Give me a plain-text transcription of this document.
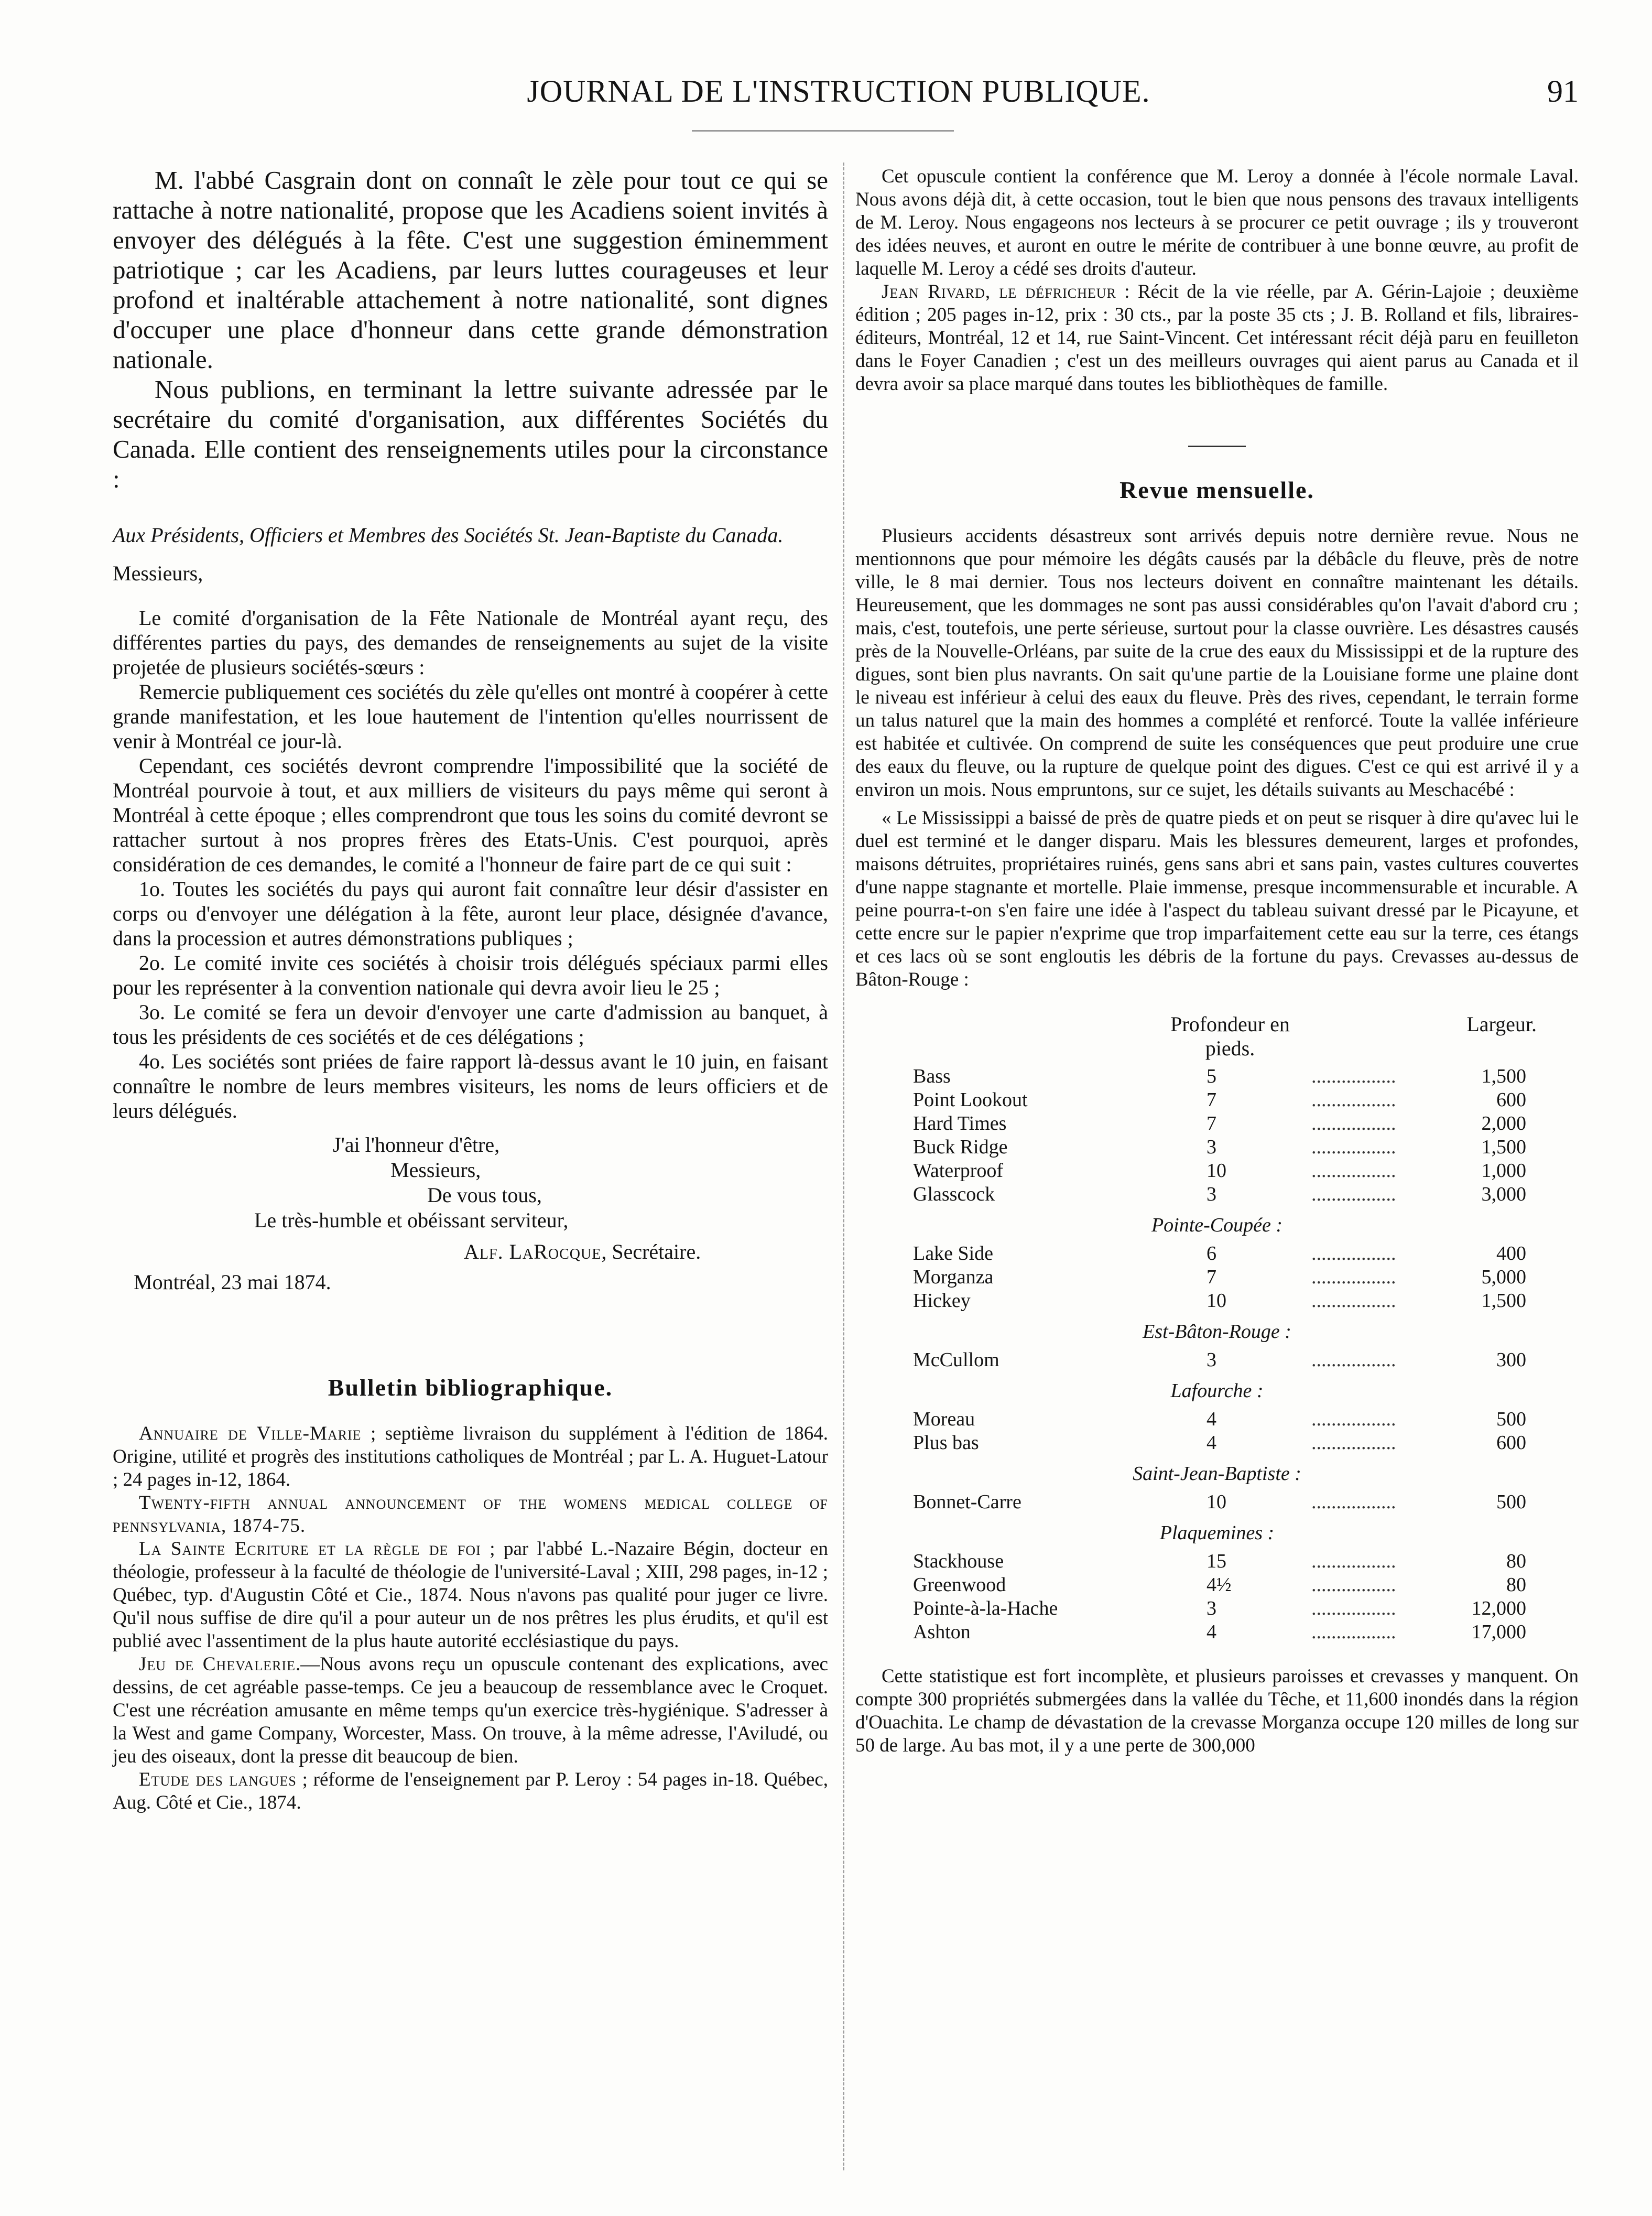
JOURNAL DE L'INSTRUCTION PUBLIQUE.	91

M. l'abbé Casgrain dont on connaît le zèle pour tout ce qui se rattache à notre nationalité, propose que les Acadiens soient invités à envoyer des délégués à la fête. C'est une suggestion éminemment patriotique ; car les Acadiens, par leurs luttes courageuses et leur profond et inaltérable attachement à notre nationalité, sont dignes d'occuper une place d'honneur dans cette grande démonstration nationale.

Nous publions, en terminant la lettre suivante adressée par le secrétaire du comité d'organisation, aux différentes Sociétés du Canada. Elle contient des renseignements utiles pour la circonstance :

Aux Présidents, Officiers et Membres des Sociétés St. Jean-Baptiste du Canada.

Messieurs,

Le comité d'organisation de la Fête Nationale de Montréal ayant reçu, des différentes parties du pays, des demandes de renseignements au sujet de la visite projetée de plusieurs sociétés-sœurs :

Remercie publiquement ces sociétés du zèle qu'elles ont montré à coopérer à cette grande manifestation, et les loue hautement de l'intention qu'elles nourrissent de venir à Montréal ce jour-là.

Cependant, ces sociétés devront comprendre l'impossibilité que la société de Montréal pourvoie à tout, et aux milliers de visiteurs du pays même qui seront à Montréal à cette époque ; elles comprendront que tous les soins du comité devront se rattacher surtout à nos propres frères des Etats-Unis. C'est pourquoi, après considération de ces demandes, le comité a l'honneur de faire part de ce qui suit :

1o. Toutes les sociétés du pays qui auront fait connaître leur désir d'assister en corps ou d'envoyer une délégation à la fête, auront leur place, désignée d'avance, dans la procession et autres démonstrations publiques ;

2o. Le comité invite ces sociétés à choisir trois délégués spéciaux parmi elles pour les représenter à la convention nationale qui devra avoir lieu le 25 ;

3o. Le comité se fera un devoir d'envoyer une carte d'admission au banquet, à tous les présidents de ces sociétés et de ces délégations ;

4o. Les sociétés sont priées de faire rapport là-dessus avant le 10 juin, en faisant connaître le nombre de leurs membres visiteurs, les noms de leurs officiers et de leurs délégués.

J'ai l'honneur d'être,

Messieurs,

De vous tous,

Le très-humble et obéissant serviteur,

Alf. LaRocque, Secrétaire.

Montréal, 23 mai 1874.

Bulletin bibliographique.

Annuaire de Ville-Marie ; septième livraison du supplément à l'édition de 1864. Origine, utilité et progrès des institutions catholiques de Montréal ; par L. A. Huguet-Latour ; 24 pages in-12, 1864.

Twenty-fifth annual announcement of the womens medical college of pennsylvania, 1874-75.

La Sainte Ecriture et la règle de foi ; par l'abbé L.-Nazaire Bégin, docteur en théologie, professeur à la faculté de théologie de l'université-Laval ; XIII, 298 pages, in-12 ; Québec, typ. d'Augustin Côté et Cie., 1874. Nous n'avons pas qualité pour juger ce livre. Qu'il nous suffise de dire qu'il a pour auteur un de nos prêtres les plus érudits, et qu'il est publié avec l'assentiment de la plus haute autorité ecclésiastique du pays.

Jeu de Chevalerie.—Nous avons reçu un opuscule contenant des explications, avec dessins, de cet agréable passe-temps. Ce jeu a beaucoup de ressemblance avec le Croquet. C'est une récréation amusante en même temps qu'un exercice très-hygiénique. S'adresser à la West and game Company, Worcester, Mass. On trouve, à la même adresse, l'Aviludé, ou jeu des oiseaux, dont la presse dit beaucoup de bien.

Etude des langues ; réforme de l'enseignement par P. Leroy : 54 pages in-18. Québec, Aug. Côté et Cie., 1874.

Cet opuscule contient la conférence que M. Leroy a donnée à l'école normale Laval. Nous avons déjà dit, à cette occasion, tout le bien que nous pensons des travaux intelligents de M. Leroy. Nous engageons nos lecteurs à se procurer ce petit ouvrage ; ils y trouveront des idées neuves, et auront en outre le mérite de contribuer à une bonne œuvre, au profit de laquelle M. Leroy a cédé ses droits d'auteur.

Jean Rivard, le défricheur : Récit de la vie réelle, par A. Gérin-Lajoie ; deuxième édition ; 205 pages in-12, prix : 30 cts., par la poste 35 cts ; J. B. Rolland et fils, libraires-éditeurs, Montréal, 12 et 14, rue Saint-Vincent. Cet intéressant récit déjà paru en feuilleton dans le Foyer Canadien ; c'est un des meilleurs ouvrages qui aient parus au Canada et il devra avoir sa place marqué dans toutes les bibliothèques de famille.

Revue mensuelle.

Plusieurs accidents désastreux sont arrivés depuis notre dernière revue. Nous ne mentionnons que pour mémoire les dégâts causés par la débâcle du fleuve, près de notre ville, le 8 mai dernier. Tous nos lecteurs doivent en connaître maintenant les détails. Heureusement, que les dommages ne sont pas aussi considérables qu'on l'avait d'abord cru ; mais, c'est, toutefois, une perte sérieuse, surtout pour la classe ouvrière. Les désastres causés près de la Nouvelle-Orléans, par suite de la crue des eaux du Mississippi et de la rupture des digues, sont bien plus navrants. On sait qu'une partie de la Louisiane forme une plaine dont le niveau est inférieur à celui des eaux du fleuve. Près des rives, cependant, le terrain forme un talus naturel que la main des hommes a complété et renforcé. Toute la vallée inférieure est habitée et cultivée. On comprend de suite les conséquences que peut produire une crue des eaux du fleuve, ou la rupture de quelque point des digues. C'est ce qui est arrivé il y a environ un mois. Nous empruntons, sur ce sujet, les détails suivants au Meschacébé :

« Le Mississippi a baissé de près de quatre pieds et on peut se risquer à dire qu'avec lui le duel est terminé et le danger disparu. Mais les blessures demeurent, larges et profondes, maisons détruites, propriétaires ruinés, gens sans abri et sans pain, vastes cultures couvertes d'une nappe stagnante et mortelle. Plaie immense, presque incommensurable et incurable. A peine pourra-t-on s'en faire une idée à l'aspect du tableau suivant dressé par le Picayune, et cette encre sur le papier n'exprime que trop imparfaitement cette eau sur la terre, ces étangs et ces lacs où se sont engloutis les débris de la fortune du pays. Crevasses au-dessus de Bâton-Rouge :

Profondeur en pieds.
Largeur.
Bass	5	.................	1,500
Point Lookout	7	.................	600
Hard Times	7	.................	2,000
Buck Ridge	3	.................	1,500
Waterproof	10	.................	1,000
Glasscock	3	.................	3,000
Pointe-Coupée :
Lake Side	6	.................	400
Morganza	7	.................	5,000
Hickey	10	.................	1,500
Est-Bâton-Rouge :
McCullom	3	.................	300
Lafourche :
Moreau	4	.................	500
Plus bas	4	.................	600
Saint-Jean-Baptiste :
Bonnet-Carre	10	.................	500
Plaquemines :
Stackhouse	15	.................	80
Greenwood	4½	.................	80
Pointe-à-la-Hache	3	.................	12,000
Ashton	4	.................	17,000

Cette statistique est fort incomplète, et plusieurs paroisses et crevasses y manquent. On compte 300 propriétés submergées dans la vallée du Têche, et 11,600 inondés dans la région d'Ouachita. Le champ de dévastation de la crevasse Morganza occupe 120 milles de long sur 50 de large. Au bas mot, il y a une perte de 300,000
